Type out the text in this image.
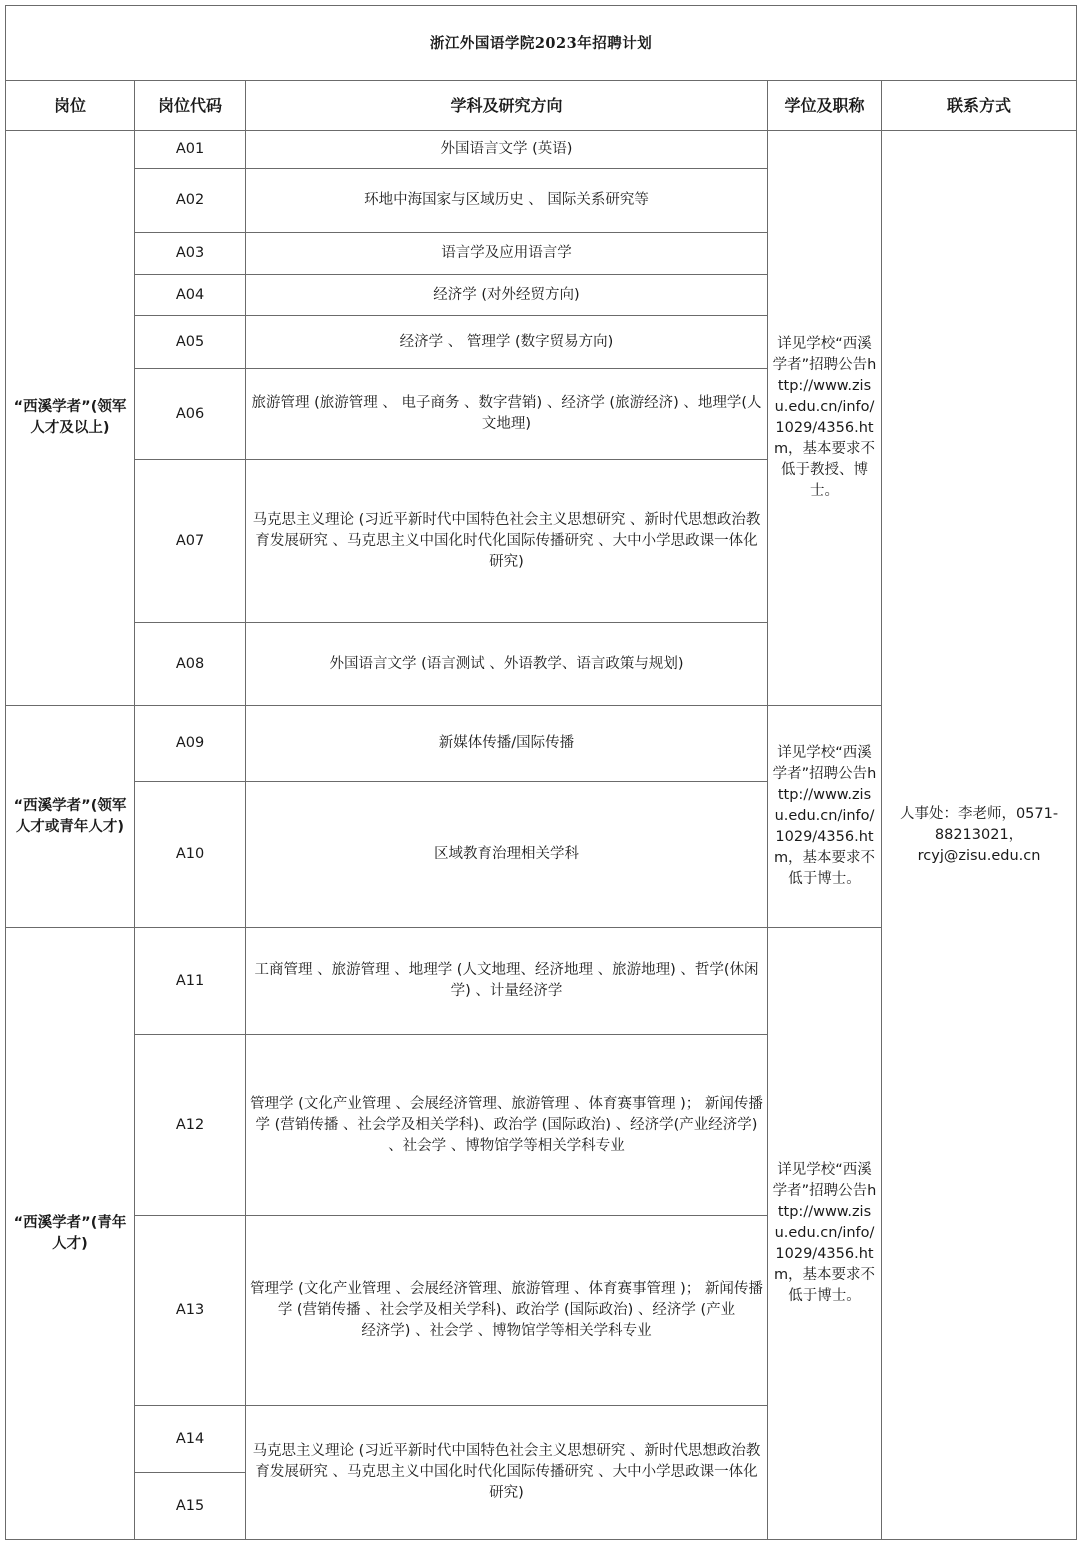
浙江外国语学院2023年招聘计划				
岗位	岗位代码	学科及研究方向	学位及职称	联系方式
“西溪学者”(领军人才及以上)	A01	外国语言文学 (英语)	详见学校“西溪学者”招聘公告http://www.zisu.edu.cn/info/1029/4356.htm，基本要求不低于教授、博士。	人事处：李老师，0571-88213021，rcyj@zisu.edu.cn
	A02	环地中海国家与区域历史 、 国际关系研究等		
	A03	语言学及应用语言学		
	A04	经济学 (对外经贸方向)		
	A05	经济学 、 管理学 (数字贸易方向)		
	A06	旅游管理 (旅游管理 、 电子商务 、数字营销) 、经济学 (旅游经济) 、地理学(人文地理)		
	A07	马克思主义理论 (习近平新时代中国特色社会主义思想研究 、新时代思想政治教育发展研究 、马克思主义中国化时代化国际传播研究 、大中小学思政课一体化研究)		
	A08	外国语言文学 (语言测试 、外语教学、语言政策与规划)		
“西溪学者”(领军人才或青年人才)	A09	新媒体传播/国际传播	详见学校“西溪学者”招聘公告http://www.zisu.edu.cn/info/1029/4356.htm，基本要求不低于博士。	
	A10	区域教育治理相关学科		
“西溪学者”(青年人才)	A11	工商管理 、旅游管理 、地理学 (人文地理、经济地理 、旅游地理) 、哲学(休闲学) 、计量经济学	详见学校“西溪学者”招聘公告http://www.zisu.edu.cn/info/1029/4356.htm，基本要求不低于博士。	
	A12	管理学 (文化产业管理 、会展经济管理、旅游管理 、体育赛事管理 )； 新闻传播学 (营销传播 、社会学及相关学科)、政治学 (国际政治) 、经济学(产业经济学) 、社会学 、博物馆学等相关学科专业		
	A13	管理学 (文化产业管理 、会展经济管理、旅游管理 、体育赛事管理 )； 新闻传播学 (营销传播 、社会学及相关学科)、政治学 (国际政治) 、经济学 (产业
经济学) 、社会学 、博物馆学等相关学科专业		

	A14	马克思主义理论 (习近平新时代中国特色社会主义思想研究 、新时代思想政治教育发展研究 、马克思主义中国化时代化国际传播研究 、大中小学思政课一体化研究)		
	A15			
